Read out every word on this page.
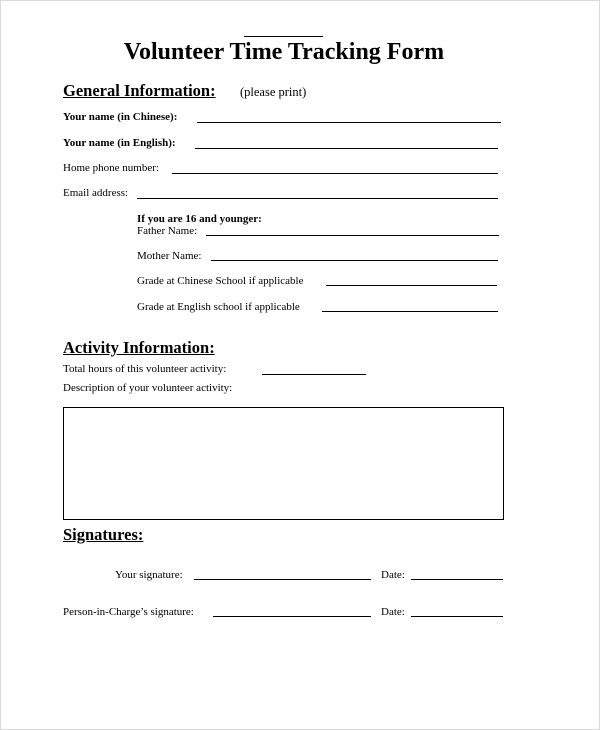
Volunteer Time Tracking Form
General Information: (please print)
Your name (in Chinese):
Your name (in English):
Home phone number:
Email address:
If you are 16 and younger:
Father Name:
Mother Name:
Grade at Chinese School if applicable
Grade at English school if applicable
Activity Information:
Total hours of this volunteer activity:
Description of your volunteer activity:
Signatures:
Your signature:	Date:
Person-in-Charge’s signature:	Date:
